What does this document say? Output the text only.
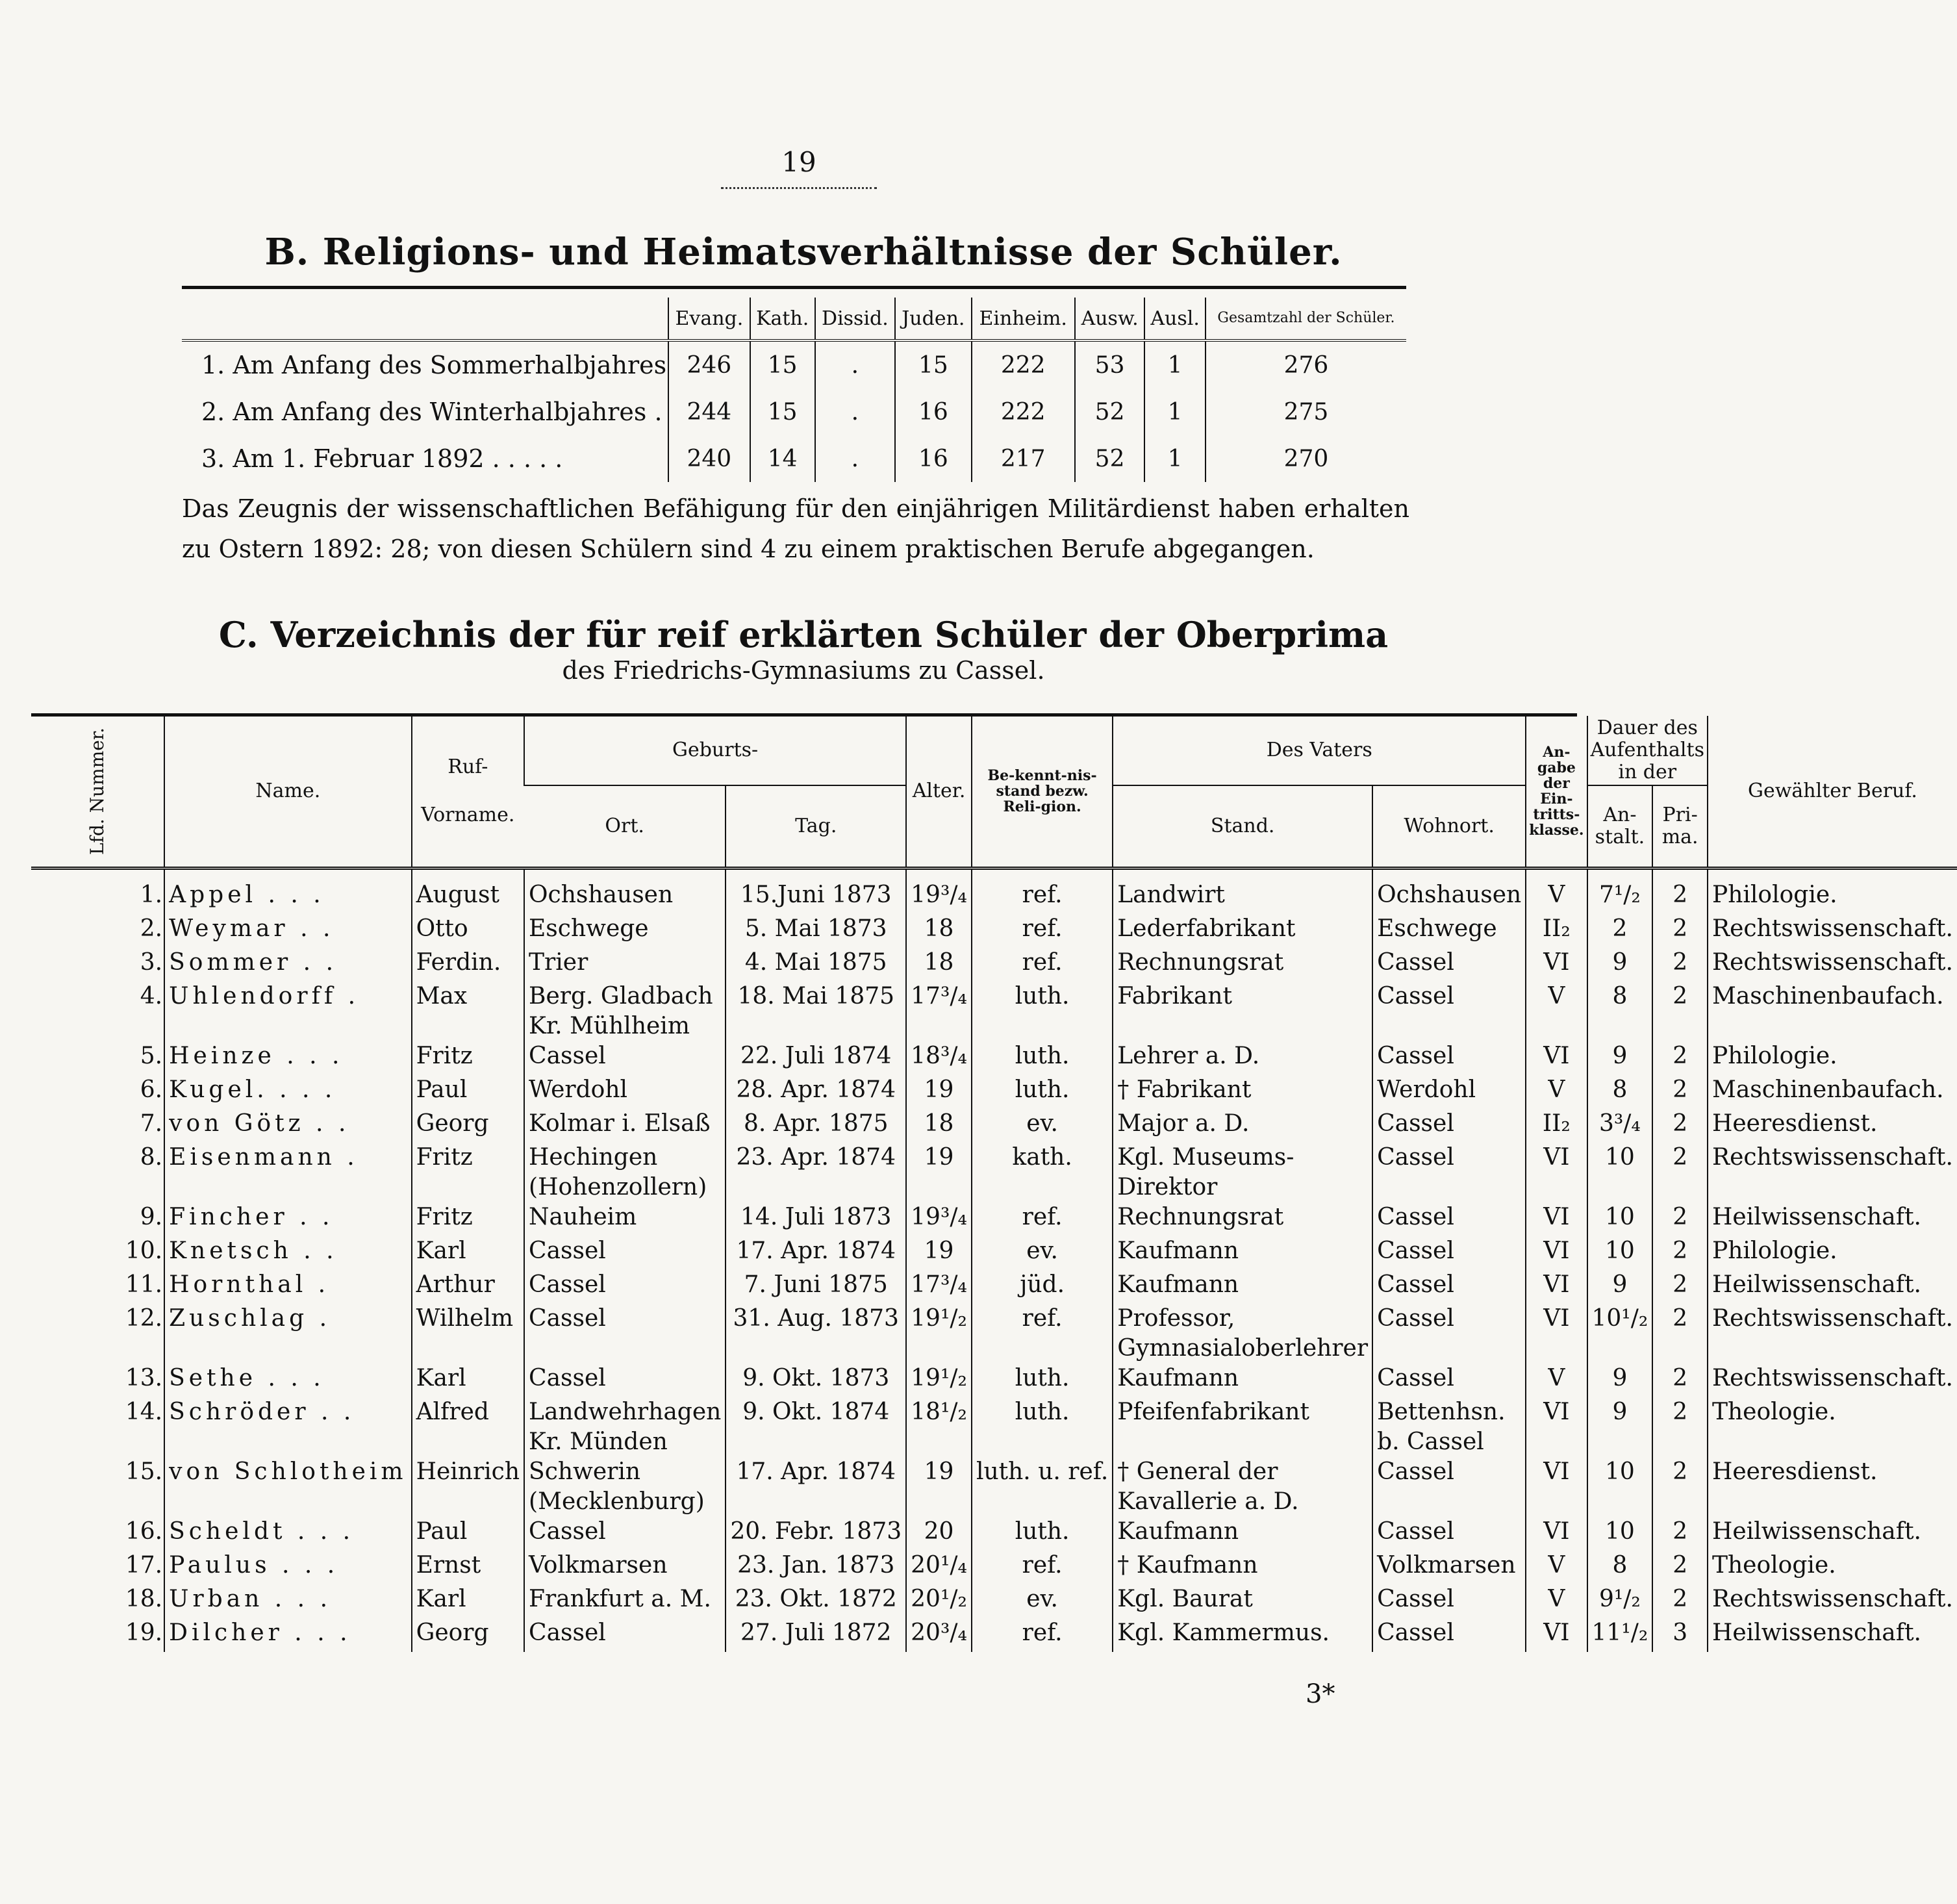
19
B. Religions- und Heimatsverhältnisse der Schüler.
	Evang.	Kath.	Dissid.	Juden.	Einheim.	Ausw.	Ausl.	Gesamtzahl der Schüler.
1. Am Anfang des Sommerhalbjahres	246	15	.	15	222	53	1	276
2. Am Anfang des Winterhalbjahres .	244	15	.	16	222	52	1	275
3. Am 1. Februar 1892 . . . . .	240	14	.	16	217	52	1	270
Das Zeugnis der wissenschaftlichen Befähigung für den einjährigen Militärdienst haben erhalten zu Ostern 1892: 28; von diesen Schülern sind 4 zu einem praktischen Berufe abgegangen.
C. Verzeichnis der für reif erklärten Schüler der Oberprima
des Friedrichs-Gymnasiums zu Cassel.
Lfd. Nummer.	Name.	Ruf-
Vorname.	Geburts-		Alter.	Be-kennt-nis-stand bezw. Reli-gion.	Des Vaters		An-gabe der Ein-tritts-klasse.	Dauer des Aufenthalts in der		Gewählter Beruf.
			Ort.	Tag.			Stand.	Wohnort.		An-stalt.	Pri-ma.	
1.	Appel . . .	August	Ochshausen	15.Juni 1873	19³/₄	ref.	Landwirt	Ochshausen	V	7¹/₂	2	Philologie.
2.	Weymar . .	Otto	Eschwege	5. Mai 1873	18	ref.	Lederfabrikant	Eschwege	II₂	2	2	Rechtswissenschaft.
3.	Sommer . .	Ferdin.	Trier	4. Mai 1875	18	ref.	Rechnungsrat	Cassel	VI	9	2	Rechtswissenschaft.
4.	Uhlendorff .	Max	Berg. Gladbach Kr. Mühlheim	18. Mai 1875	17³/₄	luth.	Fabrikant	Cassel	V	8	2	Maschinenbaufach.
5.	Heinze . . .	Fritz	Cassel	22. Juli 1874	18³/₄	luth.	Lehrer a. D.	Cassel	VI	9	2	Philologie.
6.	Kugel. . . .	Paul	Werdohl	28. Apr. 1874	19	luth.	† Fabrikant	Werdohl	V	8	2	Maschinenbaufach.
7.	von Götz . .	Georg	Kolmar i. Elsaß	8. Apr. 1875	18	ev.	Major a. D.	Cassel	II₂	3³/₄	2	Heeresdienst.
8.	Eisenmann .	Fritz	Hechingen (Hohenzollern)	23. Apr. 1874	19	kath.	Kgl. Museums-Direktor	Cassel	VI	10	2	Rechtswissenschaft.
9.	Fincher . .	Fritz	Nauheim	14. Juli 1873	19³/₄	ref.	Rechnungsrat	Cassel	VI	10	2	Heilwissenschaft.
10.	Knetsch . .	Karl	Cassel	17. Apr. 1874	19	ev.	Kaufmann	Cassel	VI	10	2	Philologie.
11.	Hornthal .	Arthur	Cassel	7. Juni 1875	17³/₄	jüd.	Kaufmann	Cassel	VI	9	2	Heilwissenschaft.
12.	Zuschlag .	Wilhelm	Cassel	31. Aug. 1873	19¹/₂	ref.	Professor, Gymnasialoberlehrer	Cassel	VI	10¹/₂	2	Rechtswissenschaft.
13.	Sethe . . .	Karl	Cassel	9. Okt. 1873	19¹/₂	luth.	Kaufmann	Cassel	V	9	2	Rechtswissenschaft.
14.	Schröder . .	Alfred	Landwehrhagen Kr. Münden	9. Okt. 1874	18¹/₂	luth.	Pfeifenfabrikant	Bettenhsn. b. Cassel	VI	9	2	Theologie.
15.	von Schlotheim	Heinrich	Schwerin (Mecklenburg)	17. Apr. 1874	19	luth. u. ref.	† General der Kavallerie a. D.	Cassel	VI	10	2	Heeresdienst.
16.	Scheldt . . .	Paul	Cassel	20. Febr. 1873	20	luth.	Kaufmann	Cassel	VI	10	2	Heilwissenschaft.
17.	Paulus . . .	Ernst	Volkmarsen	23. Jan. 1873	20¹/₄	ref.	† Kaufmann	Volkmarsen	V	8	2	Theologie.
18.	Urban . . .	Karl	Frankfurt a. M.	23. Okt. 1872	20¹/₂	ev.	Kgl. Baurat	Cassel	V	9¹/₂	2	Rechtswissenschaft.
19.	Dilcher . . .	Georg	Cassel	27. Juli 1872	20³/₄	ref.	Kgl. Kammermus.	Cassel	VI	11¹/₂	3	Heilwissenschaft.
3*
